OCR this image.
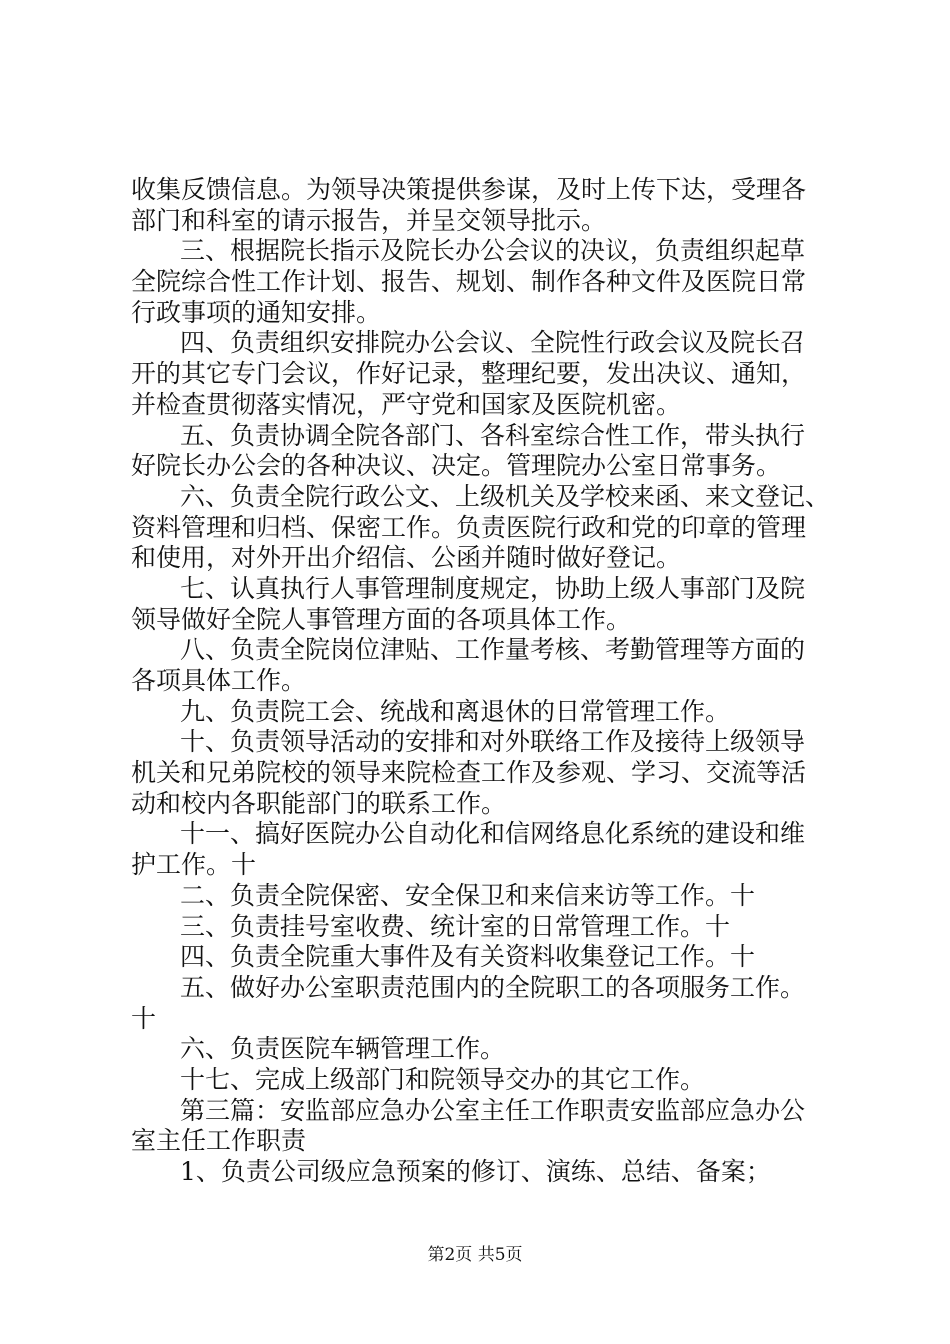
收集反馈信息。为领导决策提供参谋，及时上传下达，受理各
部门和科室的请示报告，并呈交领导批示。
三、根据院长指示及院长办公会议的决议，负责组织起草
全院综合性工作计划、报告、规划、制作各种文件及医院日常
行政事项的通知安排。
四、负责组织安排院办公会议、全院性行政会议及院长召
开的其它专门会议，作好记录，整理纪要，发出决议、通知，
并检查贯彻落实情况，严守党和国家及医院机密。
五、负责协调全院各部门、各科室综合性工作，带头执行
好院长办公会的各种决议、决定。管理院办公室日常事务。
六、负责全院行政公文、上级机关及学校来函、来文登记、
资料管理和归档、保密工作。负责医院行政和党的印章的管理
和使用，对外开出介绍信、公函并随时做好登记。
七、认真执行人事管理制度规定，协助上级人事部门及院
领导做好全院人事管理方面的各项具体工作。
八、负责全院岗位津贴、工作量考核、考勤管理等方面的
各项具体工作。
九、负责院工会、统战和离退休的日常管理工作。
十、负责领导活动的安排和对外联络工作及接待上级领导
机关和兄弟院校的领导来院检查工作及参观、学习、交流等活
动和校内各职能部门的联系工作。
十一、搞好医院办公自动化和信网络息化系统的建设和维
护工作。十
二、负责全院保密、安全保卫和来信来访等工作。十
三、负责挂号室收费、统计室的日常管理工作。十
四、负责全院重大事件及有关资料收集登记工作。十
五、做好办公室职责范围内的全院职工的各项服务工作。
十
六、负责医院车辆管理工作。
十七、完成上级部门和院领导交办的其它工作。
第三篇：安监部应急办公室主任工作职责安监部应急办公
室主任工作职责
1、负责公司级应急预案的修订、演练、总结、备案；
第2页 共5页
